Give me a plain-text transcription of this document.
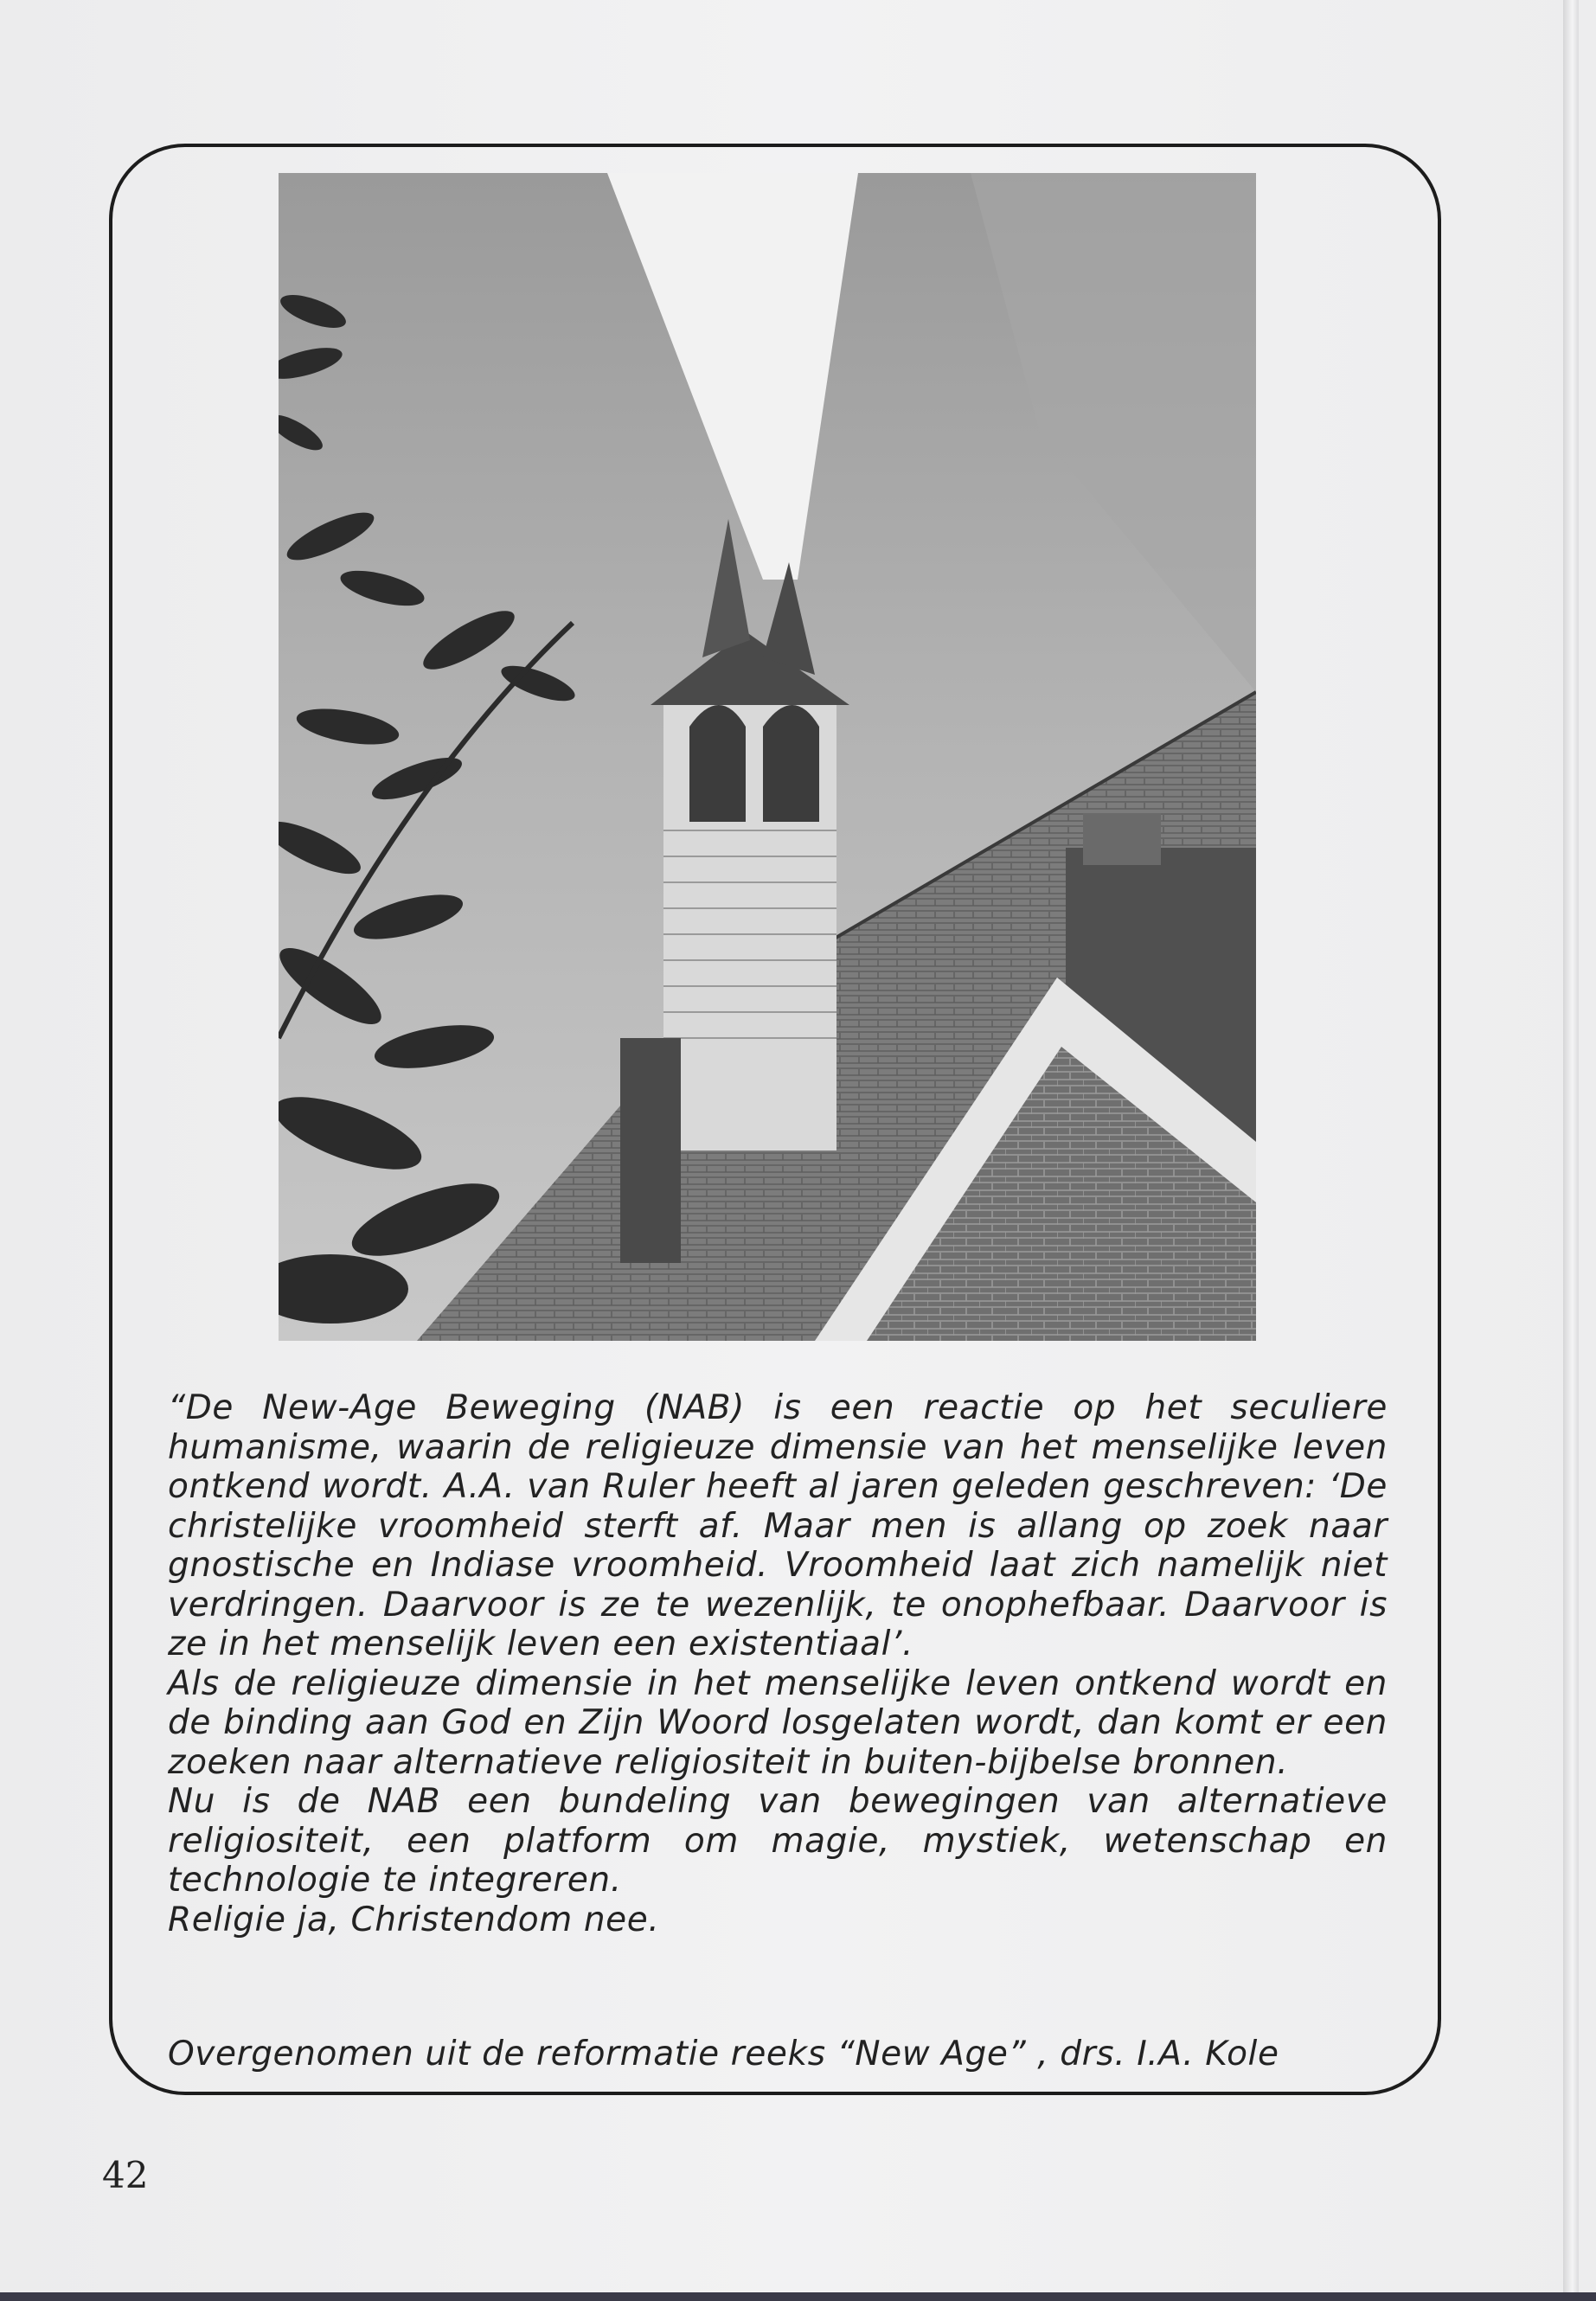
“De New-Age Beweging (NAB) is een reactie op het seculiere humanisme, waarin de religieuze dimensie van het menselijke leven ontkend wordt. A.A. van Ruler heeft al jaren geleden geschreven: ‘De christelijke vroomheid sterft af. Maar men is allang op zoek naar gnostische en Indiase vroomheid. Vroomheid laat zich namelijk niet verdringen. Daarvoor is ze te wezenlijk, te onophefbaar. Daarvoor is ze in het menselijk leven een existentiaal’.

Als de religieuze dimensie in het menselijke leven ontkend wordt en de binding aan God en Zijn Woord losgelaten wordt, dan komt er een zoeken naar alternatieve religiositeit in buiten-bijbelse bronnen.

Nu is de NAB een bundeling van bewegingen van alternatieve religiositeit, een platform om magie, mystiek, wetenschap en technologie te integreren.

Religie ja, Christendom nee.

Overgenomen uit de reformatie reeks “New Age” , drs. I.A. Kole
42
